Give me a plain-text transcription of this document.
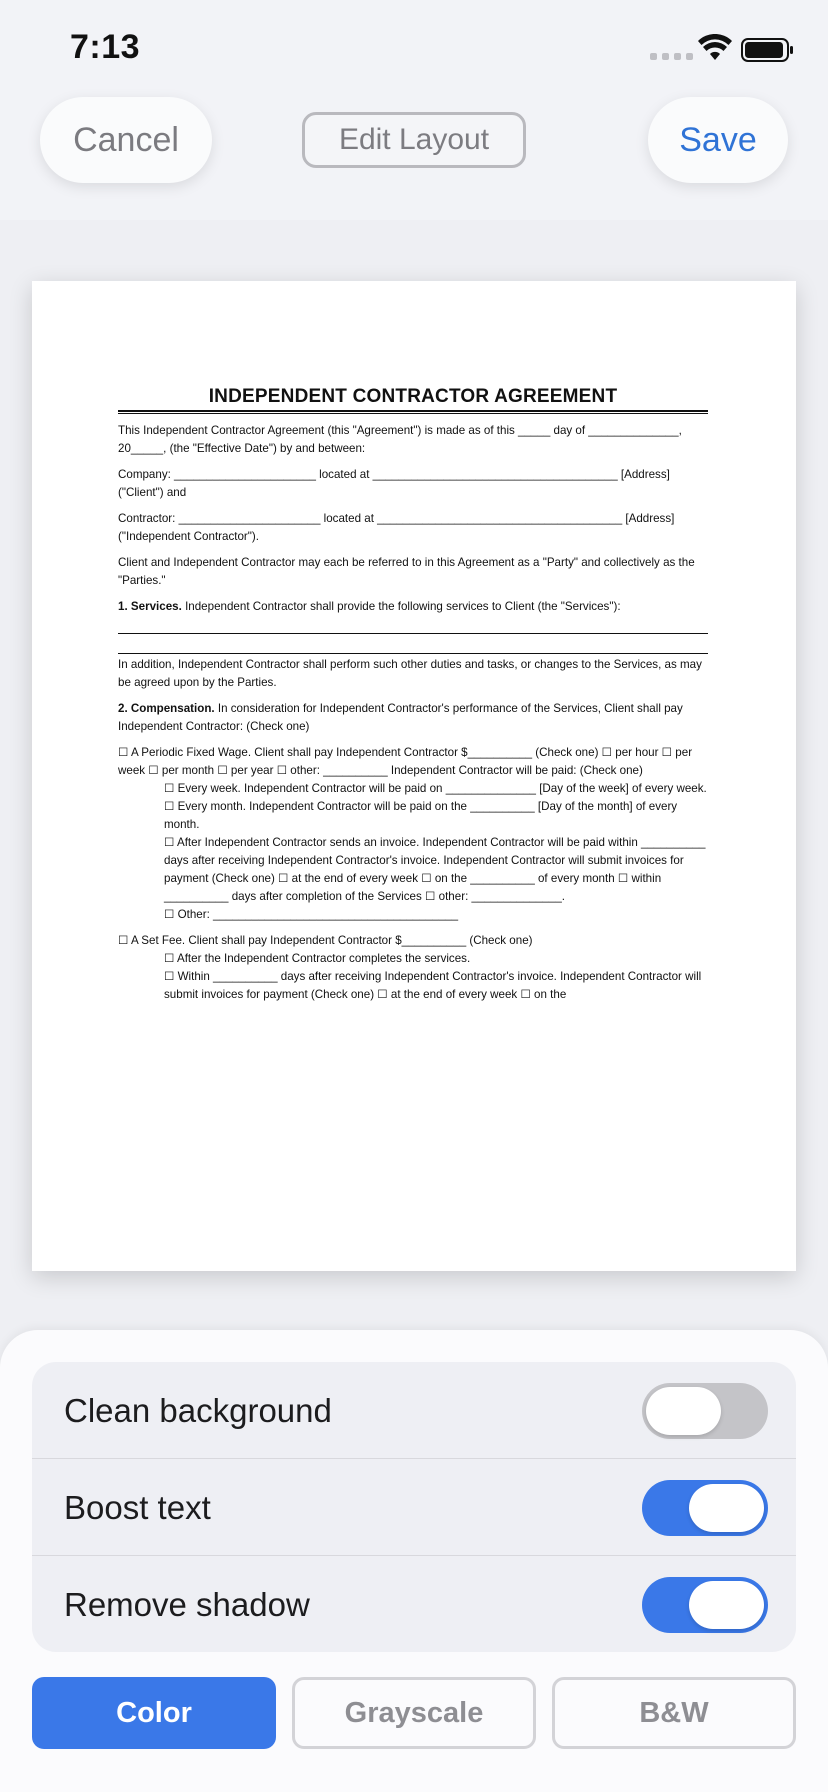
7:13
Cancel	Edit Layout	Save
INDEPENDENT CONTRACTOR AGREEMENT

This Independent Contractor Agreement (this "Agreement") is made as of this _____ day of ______________, 20_____, (the "Effective Date") by and between:

Company: ______________________ located at ______________________________________ [Address] ("Client") and

Contractor: ______________________ located at ______________________________________ [Address] ("Independent Contractor").

Client and Independent Contractor may each be referred to in this Agreement as a "Party" and collectively as the "Parties."

1. Services. Independent Contractor shall provide the following services to Client (the "Services"):

In addition, Independent Contractor shall perform such other duties and tasks, or changes to the Services, as may be agreed upon by the Parties.

2. Compensation. In consideration for Independent Contractor's performance of the Services, Client shall pay Independent Contractor: (Check one)

☐ A Periodic Fixed Wage. Client shall pay Independent Contractor $__________ (Check one) ☐ per hour ☐ per week ☐ per month ☐ per year ☐ other: __________ Independent Contractor will be paid: (Check one)

☐ Every week. Independent Contractor will be paid on ______________ [Day of the week] of every week.

☐ Every month. Independent Contractor will be paid on the __________ [Day of the month] of every month.

☐ After Independent Contractor sends an invoice. Independent Contractor will be paid within __________ days after receiving Independent Contractor's invoice. Independent Contractor will submit invoices for payment (Check one) ☐ at the end of every week ☐ on the __________ of every month ☐ within __________ days after completion of the Services ☐ other: ______________.

☐ Other: ______________________________________

☐ A Set Fee. Client shall pay Independent Contractor $__________ (Check one)

☐ After the Independent Contractor completes the services.

☐ Within __________ days after receiving Independent Contractor's invoice. Independent Contractor will submit invoices for payment (Check one) ☐ at the end of every week ☐ on the

Clean background
Boost text
Remove shadow
Color	Grayscale	B&W
